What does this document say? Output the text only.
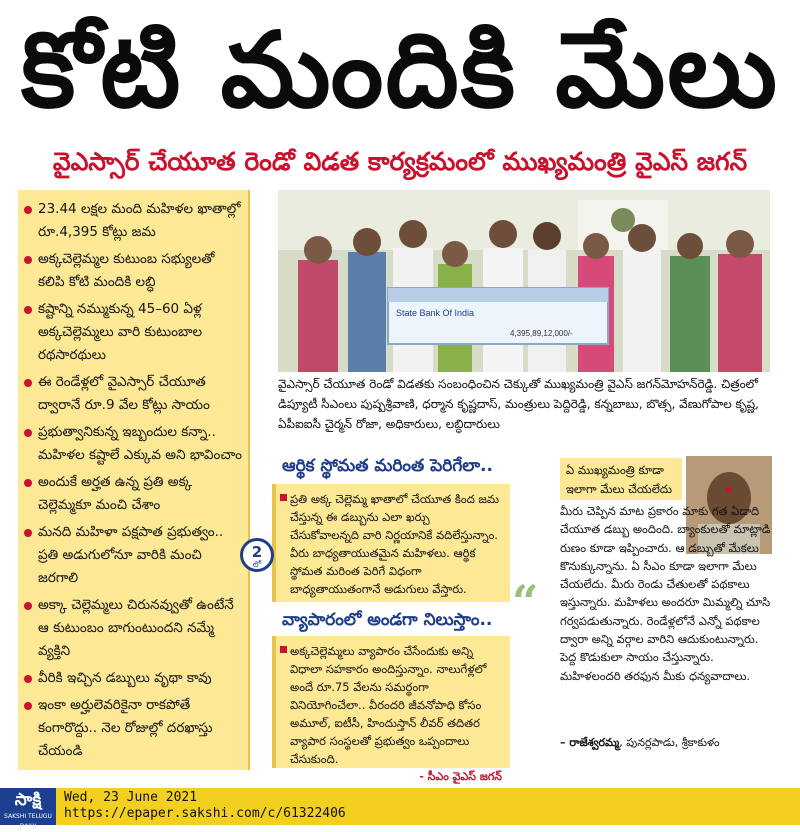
కోటి మందికి మేలు
వైఎస్సార్ చేయూత రెండో విడత కార్యక్రమంలో ముఖ్యమంత్రి వైఎస్ జగన్
23.44 లక్షల మంది మహిళల ఖాతాల్లో రూ.4,395 కోట్లు జమ
అక్కచెల్లెమ్మల కుటుంబ సభ్యులతో కలిపి కోటి మందికి లబ్ధి
కష్టాన్ని నమ్ముకున్న 45–60 ఏళ్ల అక్కచెల్లెమ్మలు వారి కుటుంబాల రథసారథులు
ఈ రెండేళ్లలో వైఎస్సార్ చేయూత ద్వారానే రూ.9 వేల కోట్లు సాయం
ప్రభుత్వానికున్న ఇబ్బందుల కన్నా.. మహిళల కష్టాలే ఎక్కువ అని భావించాం
అందుకే అర్హత ఉన్న ప్రతి అక్క చెల్లెమ్మకూ మంచి చేశాం
మనది మహిళా పక్షపాత ప్రభుత్వం.. ప్రతి అడుగులోనూ వారికి మంచి జరగాలి
అక్కా చెల్లెమ్మలు చిరునవ్వుతో ఉంటేనే ఆ కుటుంబం బాగుంటుందని నమ్మే వ్యక్తిని
వీరికి ఇచ్చిన డబ్బులు వృథా కావు
ఇంకా అర్హులెవరికైనా రాకపోతే కంగారొద్దు.. నెల రోజుల్లో దరఖాస్తు చేయండి
State Bank Of India
4,395,89,12,000/-
వైఎస్సార్ చేయూత రెండో విడతకు సంబంధించిన చెక్కుతో ముఖ్యమంత్రి వైఎస్ జగన్‌మోహన్‌రెడ్డి. చిత్రంలో డిప్యూటీ సీఎంలు పుష్పశ్రీవాణి, ధర్మాన కృష్ణదాస్, మంత్రులు పెద్దిరెడ్డి, కన్నబాబు, బొత్స, వేణుగోపాల కృష్ణ, ఏపీఐఐసీ చైర్మన్ రోజా, అధికారులు, లబ్ధిదారులు
ఆర్థిక స్థోమత మరింత పెరిగేలా..

ప్రతి అక్క చెల్లెమ్మ ఖాతాలో చేయూత కింద జమ చేస్తున్న ఈ డబ్బును ఎలా ఖర్చు చేసుకోవాలన్నది వారి నిర్ణయానికే వదిలేస్తున్నాం. వీరు బాధ్యతాయుతమైన మహిళలు. ఆర్థిక స్థోమత మరింత పెరిగే విధంగా బాధ్యతాయుతంగానే అడుగులు వేస్తారు.

2
లో
వ్యాపారంలో అండగా నిలుస్తాం..

అక్కచెల్లెమ్మలు వ్యాపారం చేసేందుకు అన్ని విధాలా సహకారం అందిస్తున్నాం. నాలుగేళ్లలో అందే రూ.75 వేలను సమర్థంగా వినియోగించేలా.. వీరందరి జీవనోపాధి కోసం అమూల్, ఐటీసీ, హిందుస్తాన్ లీవర్ తదితర వ్యాపార సంస్థలతో ప్రభుత్వం ఒప్పందాలు చేసుకుంది.

- సీఎం వైఎస్ జగన్
ఏ ముఖ్యమంత్రి కూడా ఇలాగా మేలు చేయలేదు
“
మీరు చెప్పిన మాట ప్రకారం మాకు గత ఏడాది చేయూత డబ్బు అందింది. బ్యాంకులతో మాట్లాడి రుణం కూడా ఇప్పించారు. ఆ డబ్బుతో మేకలు కొనుక్కున్నాను. ఏ సీఎం కూడా ఇలాగా మేలు చేయలేదు. మీరు రెండు చేతులతో పథకాలు ఇస్తున్నారు. మహిళలు అందరూ మిమ్మల్ని చూసి గర్వపడుతున్నారు. రెండేళ్లలోనే ఎన్నో పథకాల ద్వారా అన్ని వర్గాల వారిని ఆదుకుంటున్నారు. పెద్ద కొడుకులా సాయం చేస్తున్నారు. మహిళలందరి తరఫున మీకు ధన్యవాదాలు.
– రాజేశ్వరమ్మ, పునర్లపాడు, శ్రీకాకుళం
సాక్షి
SAKSHI TELUGU DAILY
Wed, 23 June 2021
https://epaper.sakshi.com/c/61322406
